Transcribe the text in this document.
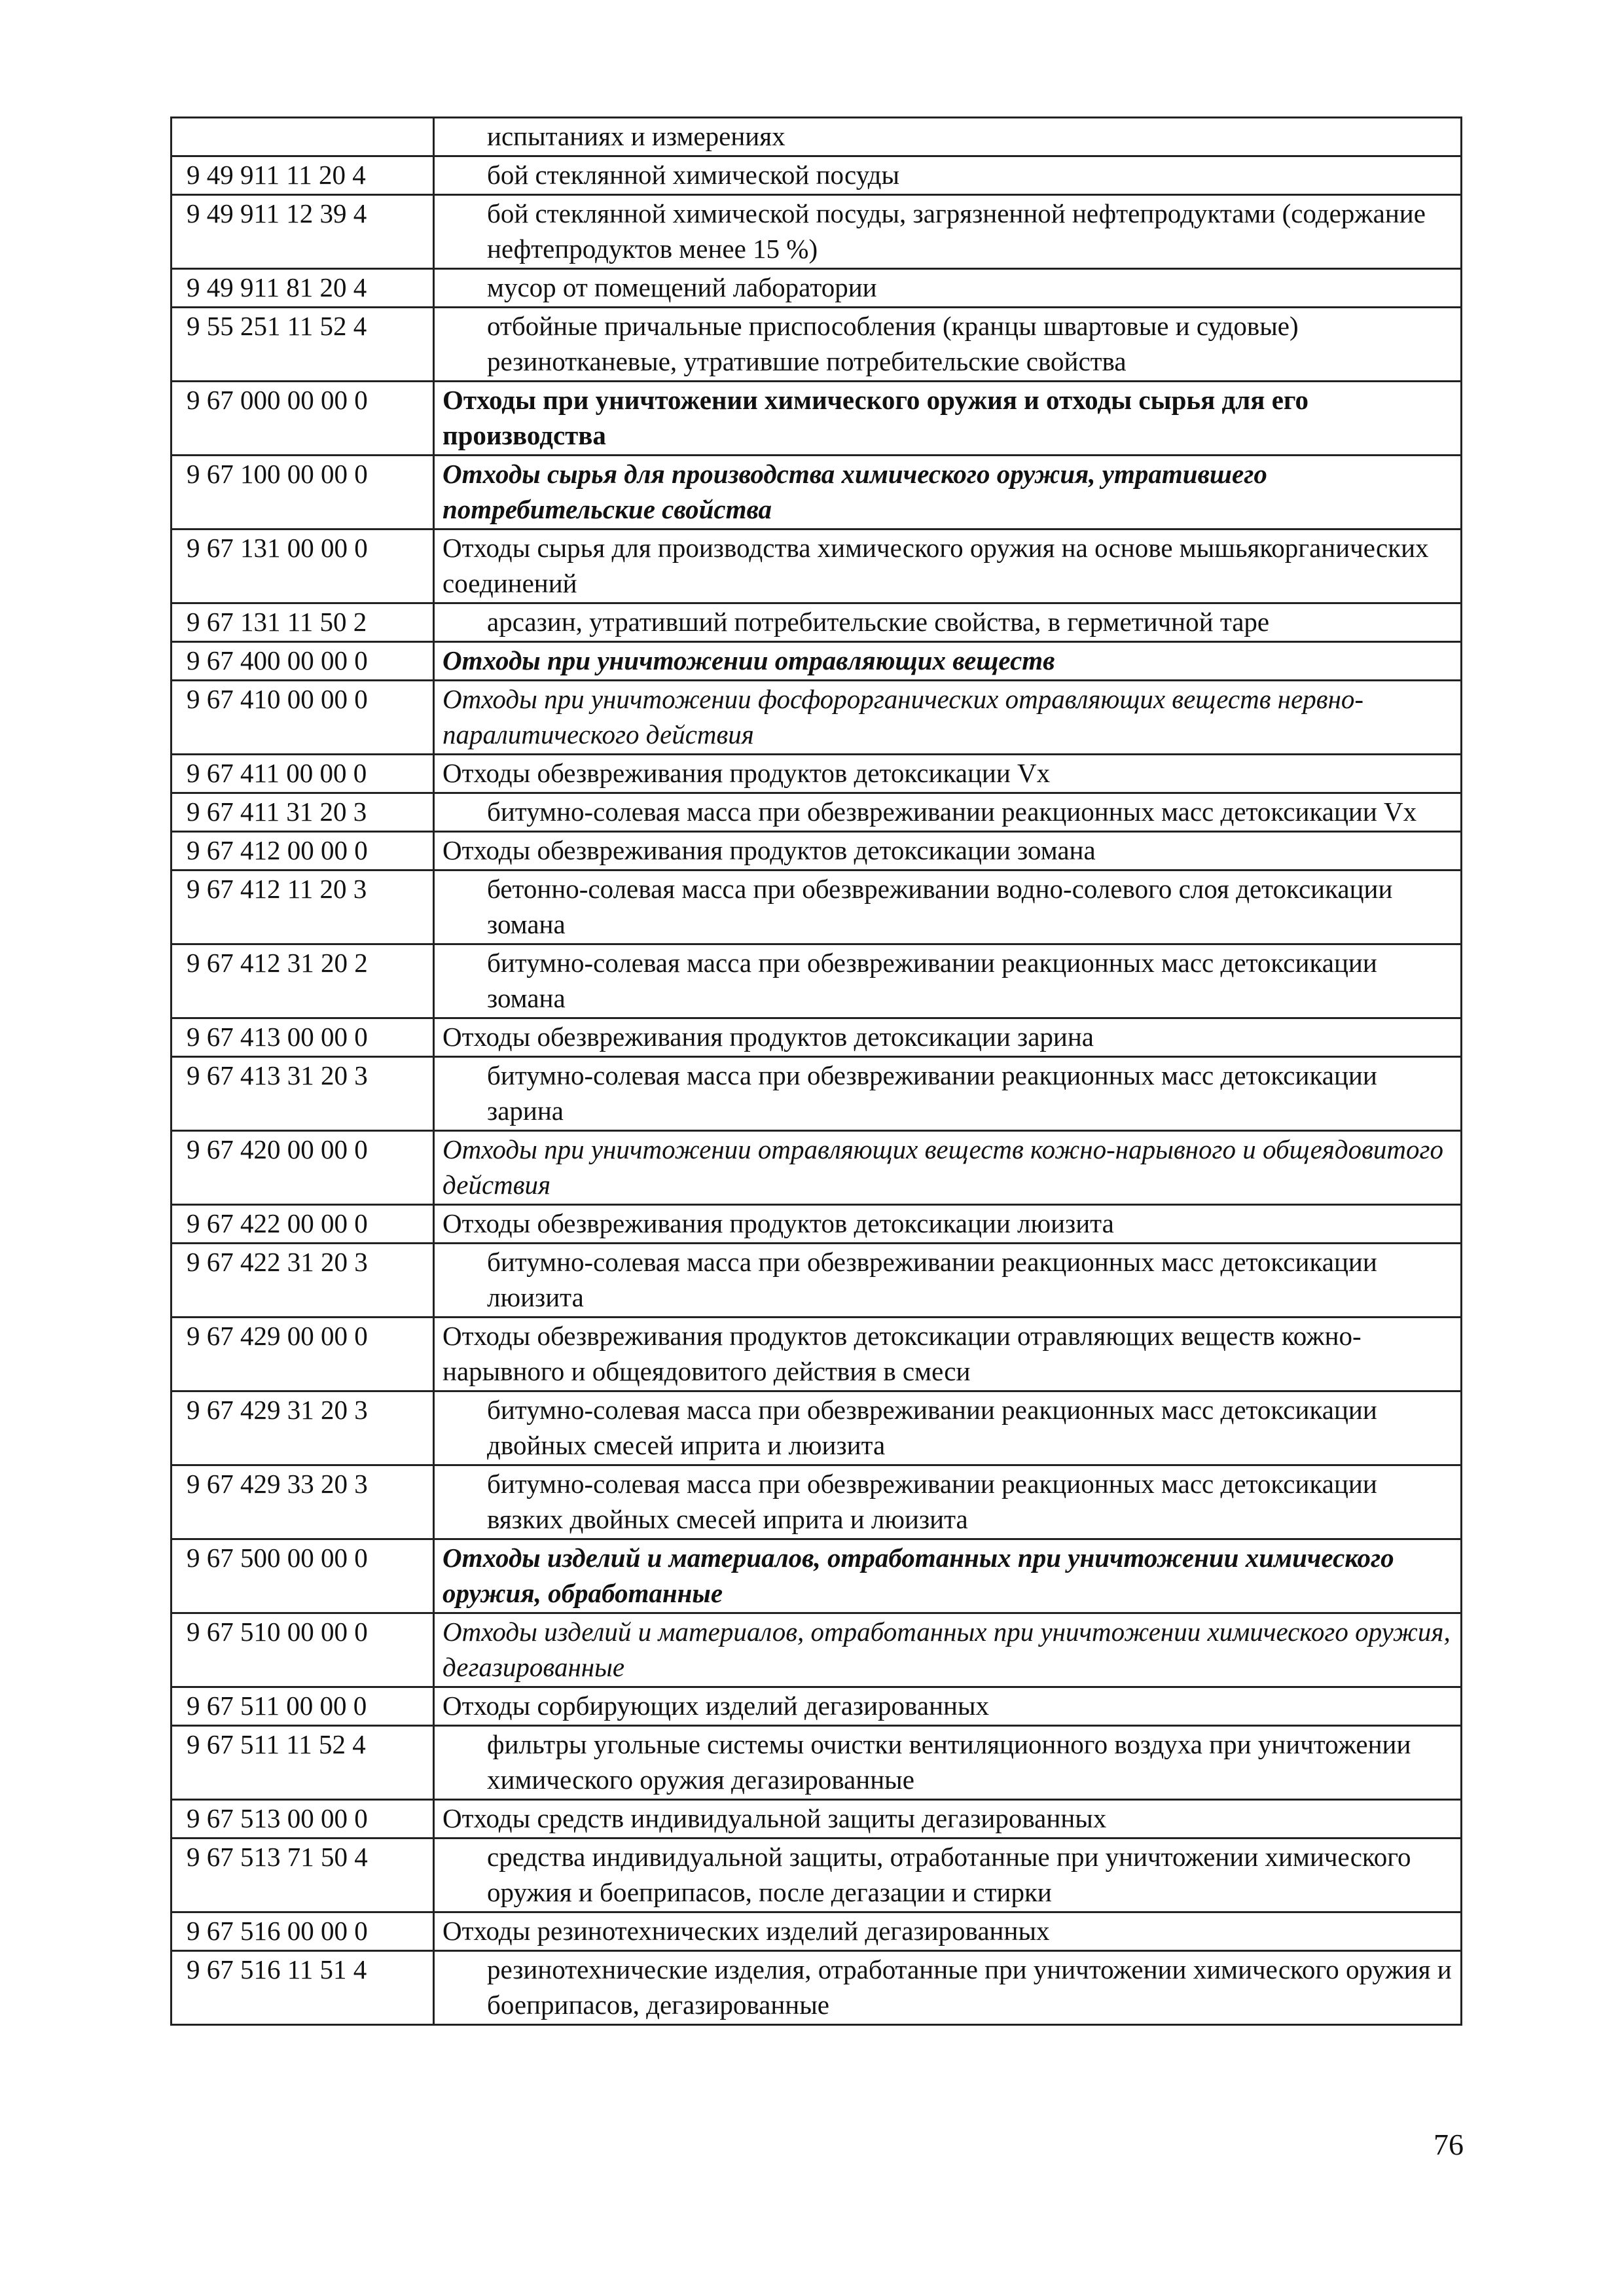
	испытаниях и измерениях
9 49 911 11 20 4	бой стеклянной химической посуды
9 49 911 12 39 4	бой стеклянной химической посуды, загрязненной нефтепродуктами (содержание нефтепродуктов менее 15 %)
9 49 911 81 20 4	мусор от помещений лаборатории
9 55 251 11 52 4	отбойные причальные приспособления (кранцы швартовые и судовые) резинотканевые, утратившие потребительские свойства
9 67 000 00 00 0	Отходы при уничтожении химического оружия и отходы сырья для его производства
9 67 100 00 00 0	Отходы сырья для производства химического оружия, утратившего потребительские свойства
9 67 131 00 00 0	Отходы сырья для производства химического оружия на основе мышьякорганических соединений
9 67 131 11 50 2	арсазин, утративший потребительские свойства, в герметичной таре
9 67 400 00 00 0	Отходы при уничтожении отравляющих веществ
9 67 410 00 00 0	Отходы при уничтожении фосфорорганических отравляющих веществ нервно-паралитического действия
9 67 411 00 00 0	Отходы обезвреживания продуктов детоксикации Vx
9 67 411 31 20 3	битумно-солевая масса при обезвреживании реакционных масс детоксикации Vx
9 67 412 00 00 0	Отходы обезвреживания продуктов детоксикации зомана
9 67 412 11 20 3	бетонно-солевая масса при обезвреживании водно-солевого слоя детоксикации зомана
9 67 412 31 20 2	битумно-солевая масса при обезвреживании реакционных масс детоксикации зомана
9 67 413 00 00 0	Отходы обезвреживания продуктов детоксикации зарина
9 67 413 31 20 3	битумно-солевая масса при обезвреживании реакционных масс детоксикации зарина
9 67 420 00 00 0	Отходы при уничтожении отравляющих веществ кожно-нарывного и общеядовитого действия
9 67 422 00 00 0	Отходы обезвреживания продуктов детоксикации люизита
9 67 422 31 20 3	битумно-солевая масса при обезвреживании реакционных масс детоксикации люизита
9 67 429 00 00 0	Отходы обезвреживания продуктов детоксикации отравляющих веществ кожно-нарывного и общеядовитого действия в смеси
9 67 429 31 20 3	битумно-солевая масса при обезвреживании реакционных масс детоксикации двойных смесей иприта и люизита
9 67 429 33 20 3	битумно-солевая масса при обезвреживании реакционных масс детоксикации вязких двойных смесей иприта и люизита
9 67 500 00 00 0	Отходы изделий и материалов, отработанных при уничтожении химического оружия, обработанные
9 67 510 00 00 0	Отходы изделий и материалов, отработанных при уничтожении химического оружия, дегазированные
9 67 511 00 00 0	Отходы сорбирующих изделий дегазированных
9 67 511 11 52 4	фильтры угольные системы очистки вентиляционного воздуха при уничтожении химического оружия дегазированные
9 67 513 00 00 0	Отходы средств индивидуальной защиты дегазированных
9 67 513 71 50 4	средства индивидуальной защиты, отработанные при уничтожении химического оружия и боеприпасов, после дегазации и стирки
9 67 516 00 00 0	Отходы резинотехнических изделий дегазированных
9 67 516 11 51 4	резинотехнические изделия, отработанные при уничтожении химического оружия и боеприпасов, дегазированные
76
